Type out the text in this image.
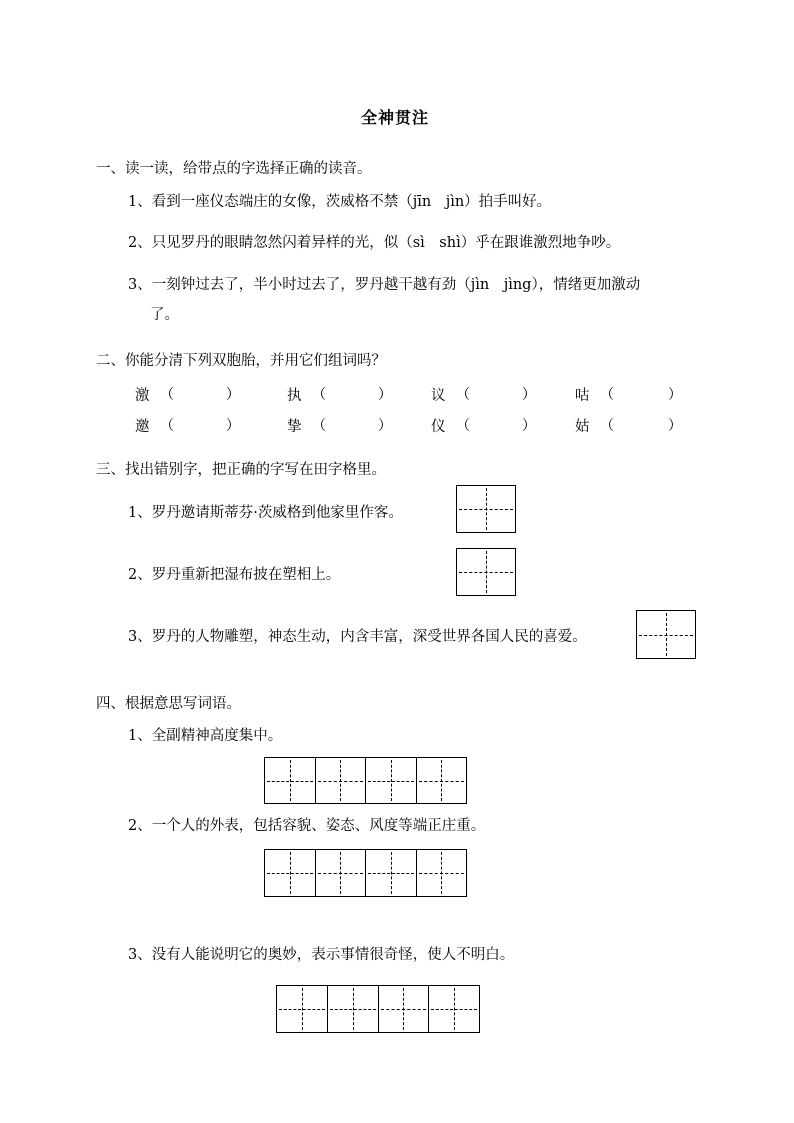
全神贯注
一、读一读，给带点的字选择正确的读音。
1、看到一座仪态端庄的女像，茨威格不禁（jīn　jìn）拍手叫好。
2、只见罗丹的眼睛忽然闪着异样的光，似（sì　shì）乎在跟谁激烈地争吵。
3、一刻钟过去了，半小时过去了，罗丹越干越有劲（jìn　jìng），情绪更加激动
了。
二、你能分清下列双胞胎，并用它们组词吗？
激 （	）	执 （	）	议 （	）	咕 （	）
邀 （	）	挚 （	）	仪 （	）	姑 （	）
三、找出错别字，把正确的字写在田字格里。
1、罗丹邀请斯蒂芬·茨威格到他家里作客。
2、罗丹重新把湿布披在塑相上。
3、罗丹的人物雕塑，神态生动，内含丰富，深受世界各国人民的喜爱。
四、根据意思写词语。
1、全副精神高度集中。
2、一个人的外表，包括容貌、姿态、风度等端正庄重。
3、没有人能说明它的奥妙，表示事情很奇怪，使人不明白。
